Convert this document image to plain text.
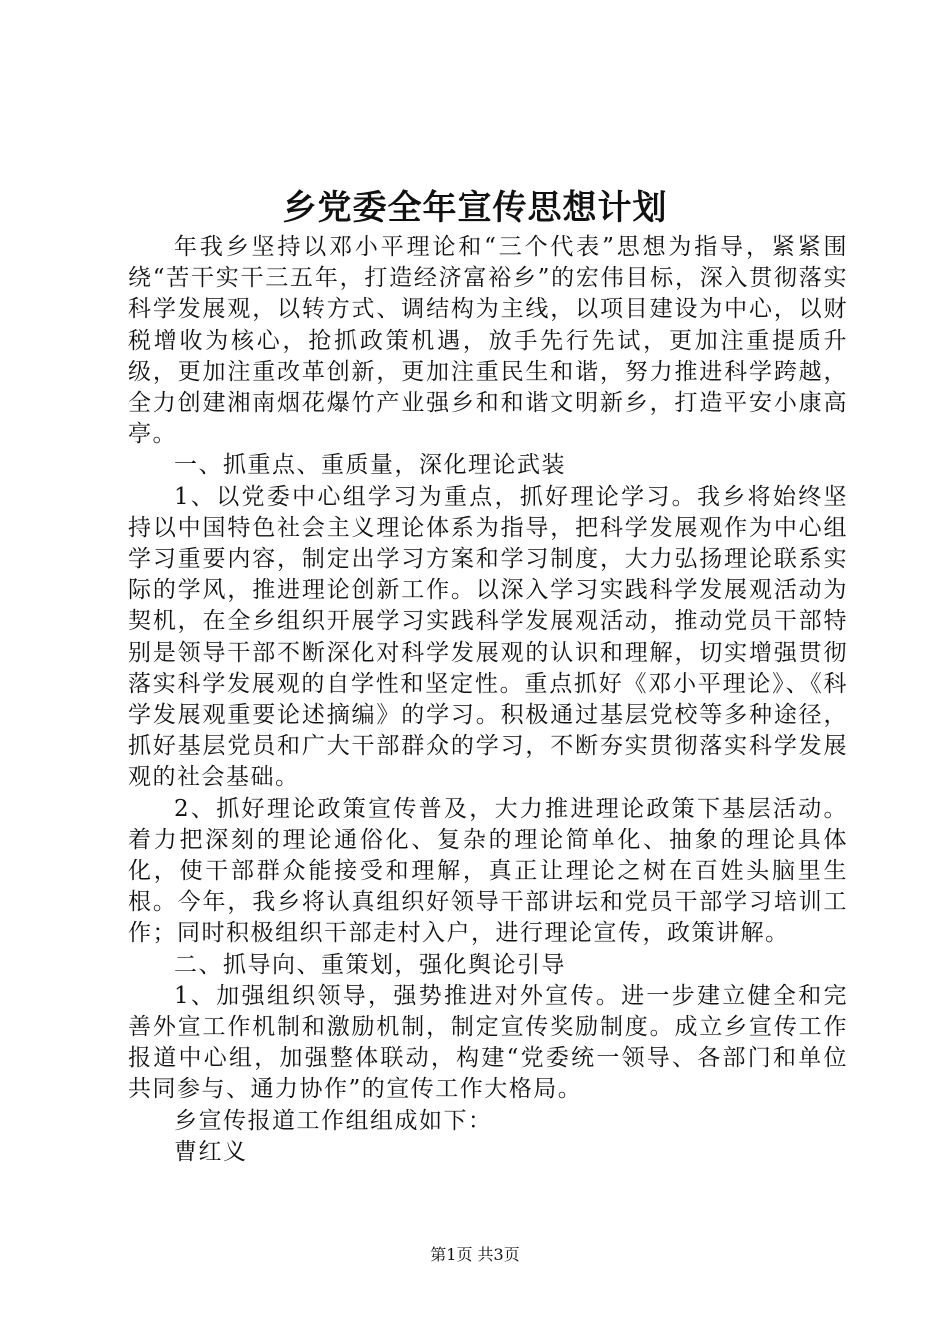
乡党委全年宣传思想计划

年我乡坚持以邓小平理论和“三个代表”思想为指导，紧紧围绕“苦干实干三五年，打造经济富裕乡”的宏伟目标，深入贯彻落实科学发展观，以转方式、调结构为主线，以项目建设为中心，以财税增收为核心，抢抓政策机遇，放手先行先试，更加注重提质升级，更加注重改革创新，更加注重民生和谐，努力推进科学跨越，全力创建湘南烟花爆竹产业强乡和和谐文明新乡，打造平安小康高亭。

一、抓重点、重质量，深化理论武装

1、以党委中心组学习为重点，抓好理论学习。我乡将始终坚持以中国特色社会主义理论体系为指导，把科学发展观作为中心组学习重要内容，制定出学习方案和学习制度，大力弘扬理论联系实际的学风，推进理论创新工作。以深入学习实践科学发展观活动为契机，在全乡组织开展学习实践科学发展观活动，推动党员干部特别是领导干部不断深化对科学发展观的认识和理解，切实增强贯彻落实科学发展观的自学性和坚定性。重点抓好《邓小平理论》、《科学发展观重要论述摘编》的学习。积极通过基层党校等多种途径，抓好基层党员和广大干部群众的学习，不断夯实贯彻落实科学发展观的社会基础。

2、抓好理论政策宣传普及，大力推进理论政策下基层活动。着力把深刻的理论通俗化、复杂的理论简单化、抽象的理论具体化，使干部群众能接受和理解，真正让理论之树在百姓头脑里生根。今年，我乡将认真组织好领导干部讲坛和党员干部学习培训工作；同时积极组织干部走村入户，进行理论宣传，政策讲解。

二、抓导向、重策划，强化舆论引导

1、加强组织领导，强势推进对外宣传。进一步建立健全和完善外宣工作机制和激励机制，制定宣传奖励制度。成立乡宣传工作报道中心组，加强整体联动，构建“党委统一领导、各部门和单位共同参与、通力协作”的宣传工作大格局。

乡宣传报道工作组组成如下：

曹红义

第1页 共3页
